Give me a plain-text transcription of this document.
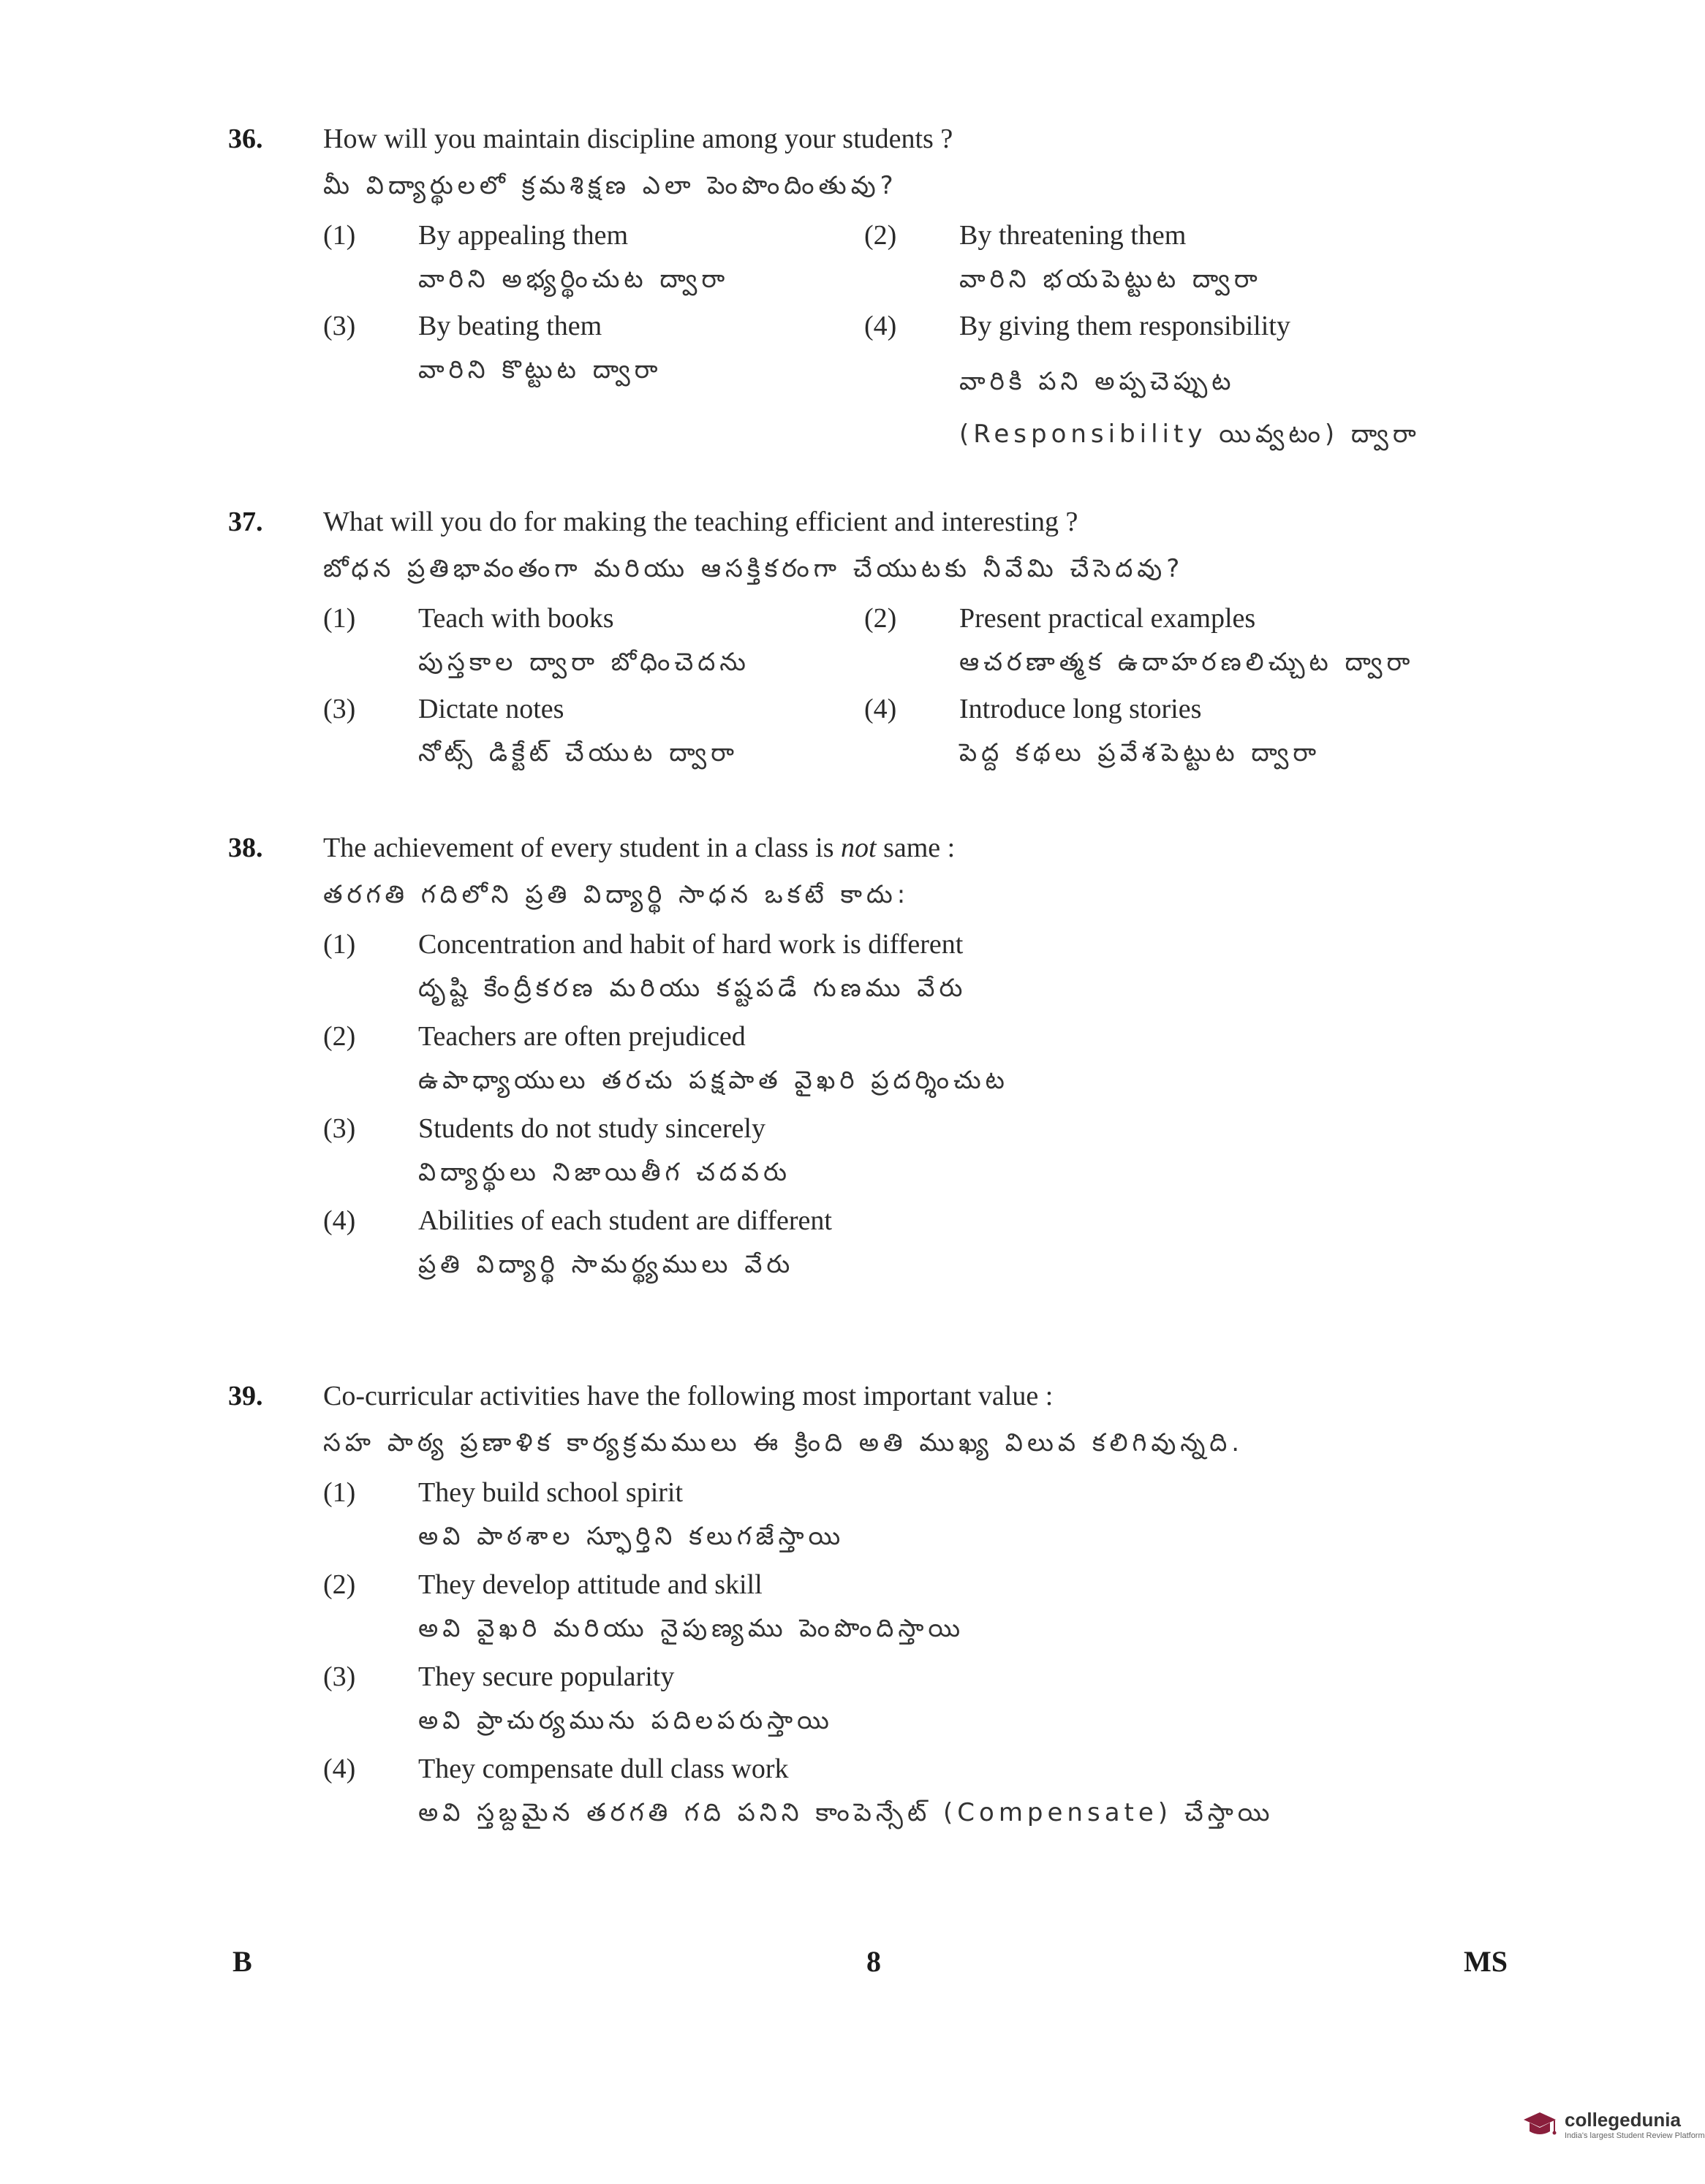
36.	How will you maintain discipline among your students ?
మీ విద్యార్థులలో క్రమశిక్షణ ఎలా పెంపొందింతువు?
(1)	By appealing them
వారిని అభ్యర్థించుట ద్వారా
(2)	By threatening them
వారిని భయపెట్టుట ద్వారా
(3)	By beating them
వారిని కొట్టుట ద్వారా
(4)	By giving them responsibility
వారికి పని అప్పచెప్పుట (Responsibility యివ్వటం) ద్వారా
37.	What will you do for making the teaching efficient and interesting ?
బోధన ప్రతిభావంతంగా మరియు ఆసక్తికరంగా చేయుటకు నీవేమి చేసెదవు?
(1)	Teach with books
పుస్తకాల ద్వారా బోధించెదను
(2)	Present practical examples
ఆచరణాత్మక ఉదాహరణలిచ్చుట ద్వారా
(3)	Dictate notes
నోట్స్ డిక్టేట్ చేయుట ద్వారా
(4)	Introduce long stories
పెద్ద కథలు ప్రవేశపెట్టుట ద్వారా
38.	The achievement of every student in a class is not same :
తరగతి గదిలోని ప్రతి విద్యార్థి సాధన ఒకటే కాదు:
(1)	Concentration and habit of hard work is different
దృష్టి కేంద్రీకరణ మరియు కష్టపడే గుణము వేరు
(2)	Teachers are often prejudiced
ఉపాధ్యాయులు తరచు పక్షపాత వైఖరి ప్రదర్శించుట
(3)	Students do not study sincerely
విద్యార్థులు నిజాయితీగ చదవరు
(4)	Abilities of each student are different
ప్రతి విద్యార్థి సామర్థ్యములు వేరు
39.	Co-curricular activities have the following most important value :
సహ పాఠ్య ప్రణాళిక కార్యక్రమములు ఈ క్రింది అతి ముఖ్య విలువ కలిగివున్నది.
(1)	They build school spirit
అవి పాఠశాల స్ఫూర్తిని కలుగజేస్తాయి
(2)	They develop attitude and skill
అవి వైఖరి మరియు నైపుణ్యము పెంపొందిస్తాయి
(3)	They secure popularity
అవి ప్రాచుర్యమును పదిలపరుస్తాయి
(4)	They compensate dull class work
అవి స్తబ్దమైన తరగతి గది పనిని కాంపెన్సేట్ (Compensate) చేస్తాయి
B	8	MS
collegedunia
India's largest Student Review Platform
